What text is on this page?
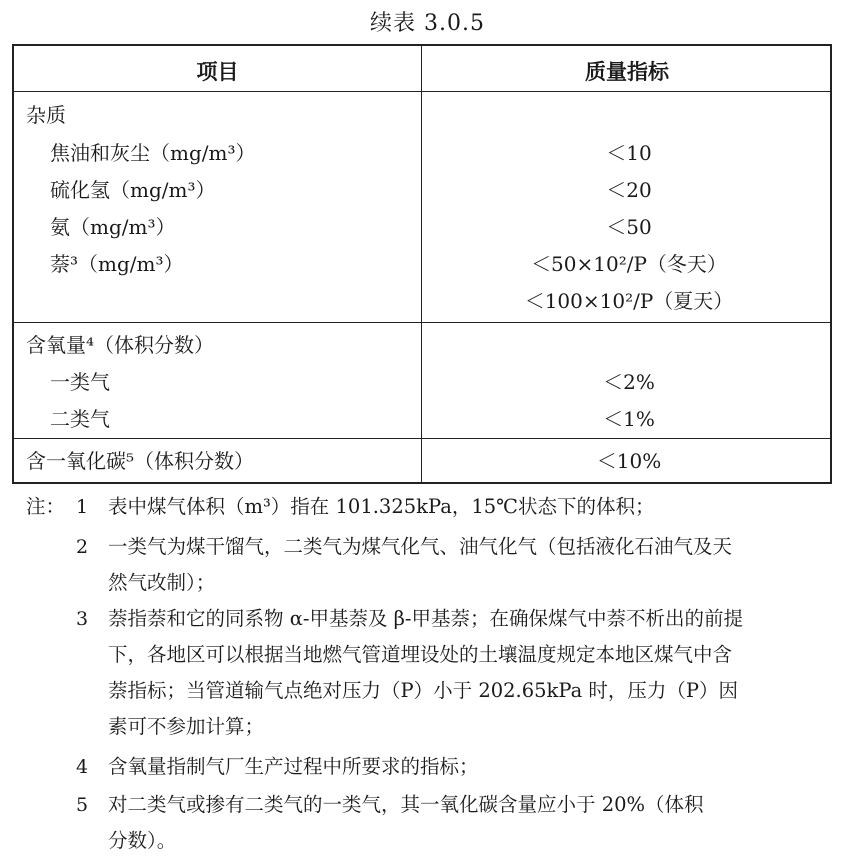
续表 3.0.5
项目	质量指标
杂质
焦油和灰尘（mg/m³）	＜10
硫化氢（mg/m³）	＜20
氨（mg/m³）	＜50
萘³（mg/m³）	＜50×10²/P（冬天）
＜100×10²/P（夏天）
含氧量⁴（体积分数）
一类气	＜2%
二类气	＜1%
含一氧化碳⁵（体积分数）	＜10%
注： 1 表中煤气体积（m³）指在 101.325kPa，15℃状态下的体积；
2 一类气为煤干馏气，二类气为煤气化气、油气化气（包括液化石油气及天
然气改制）；
3 萘指萘和它的同系物 α-甲基萘及 β-甲基萘；在确保煤气中萘不析出的前提
下，各地区可以根据当地燃气管道埋设处的土壤温度规定本地区煤气中含
萘指标；当管道输气点绝对压力（P）小于 202.65kPa 时，压力（P）因
素可不参加计算；
4 含氧量指制气厂生产过程中所要求的指标；
5 对二类气或掺有二类气的一类气，其一氧化碳含量应小于 20%（体积
分数）。
